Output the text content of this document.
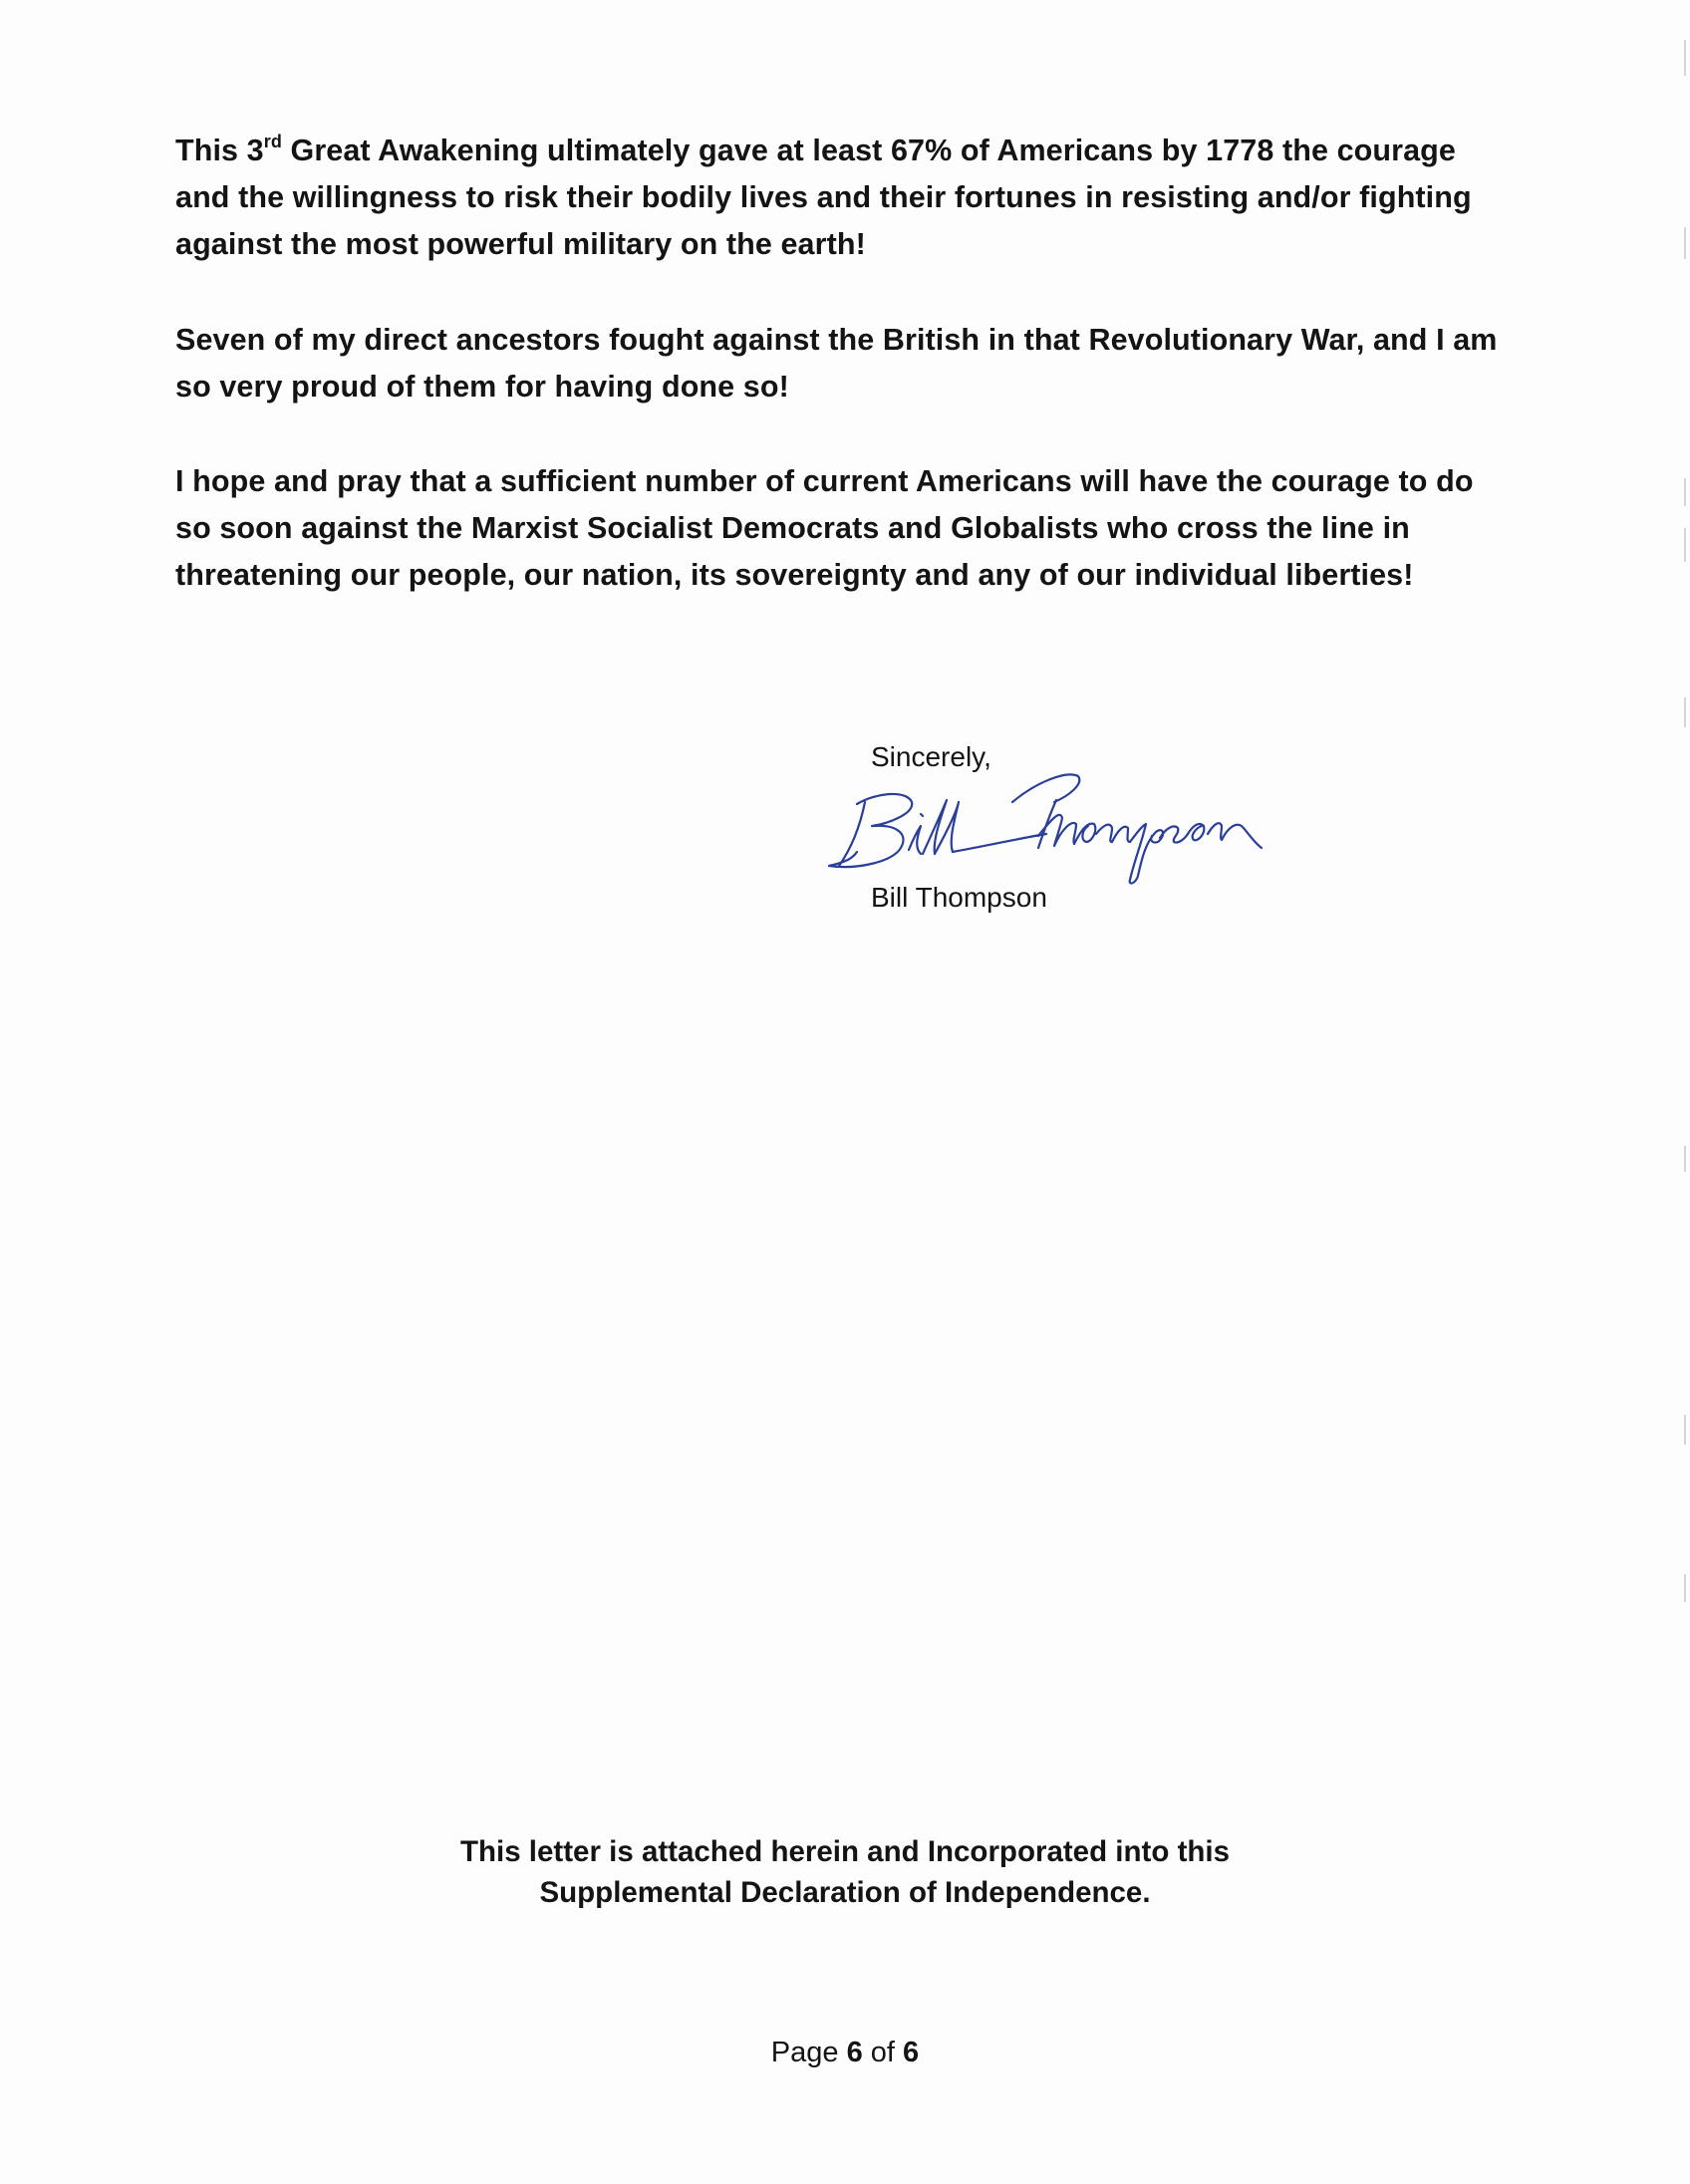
This 3rd Great Awakening ultimately gave at least 67% of Americans by 1778 the courage and the willingness to risk their bodily lives and their fortunes in resisting and/or fighting against the most powerful military on the earth!

Seven of my direct ancestors fought against the British in that Revolutionary War, and I am so very proud of them for having done so!

I hope and pray that a sufficient number of current Americans will have the courage to do so soon against the Marxist Socialist Democrats and Globalists who cross the line in threatening our people, our nation, its sovereignty and any of our individual liberties!

Sincerely,

Bill Thompson

This letter is attached herein and Incorporated into this
Supplemental Declaration of Independence.

Page 6 of 6
